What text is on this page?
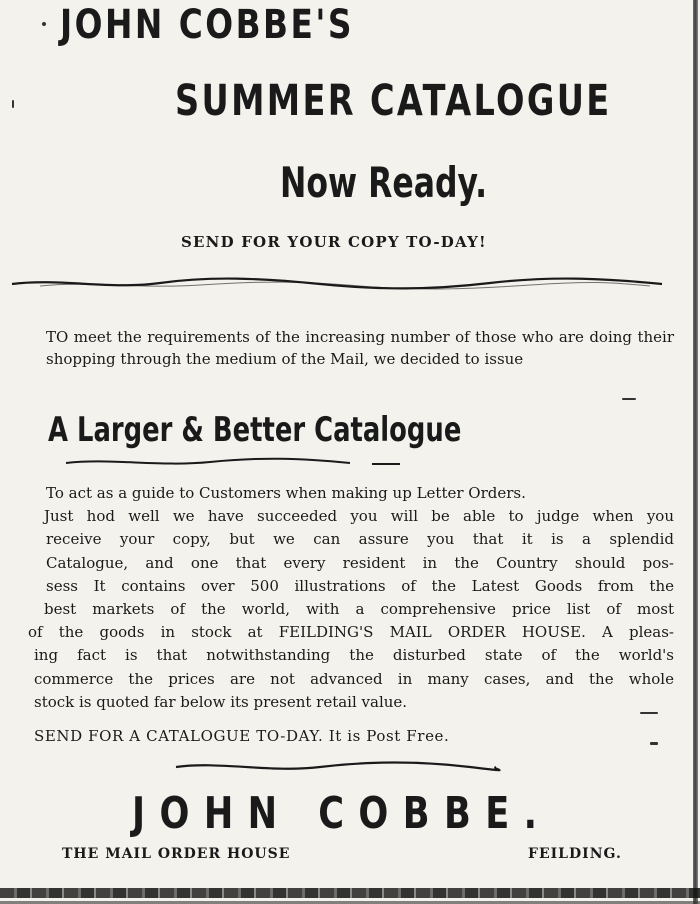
JOHN COBBE'S
SUMMER CATALOGUE
Now Ready.
SEND FOR YOUR COPY TO-DAY!
TO meet the requirements of the increasing number of those who are doing their shopping through the medium of the Mail, we decided to issue
A Larger & Better Catalogue
To act as a guide to Customers when making up Letter Orders.
Just hod well we have succeeded you will be able to judge when you
receive your copy, but we can assure you that it is a splendid
Catalogue, and one that every resident in the Country should pos-
sess It contains over 500 illustrations of the Latest Goods from the
best markets of the world, with a comprehensive price list of most
of the goods in stock at FEILDING'S MAIL ORDER HOUSE. A pleas-
ing fact is that notwithstanding the disturbed state of the world's
commerce the prices are not advanced in many cases, and the whole
stock is quoted far below its present retail value.
SEND FOR A CATALOGUE TO-DAY. It is Post Free.
JOHN COBBE.
THE MAIL ORDER HOUSE	FEILDING.
